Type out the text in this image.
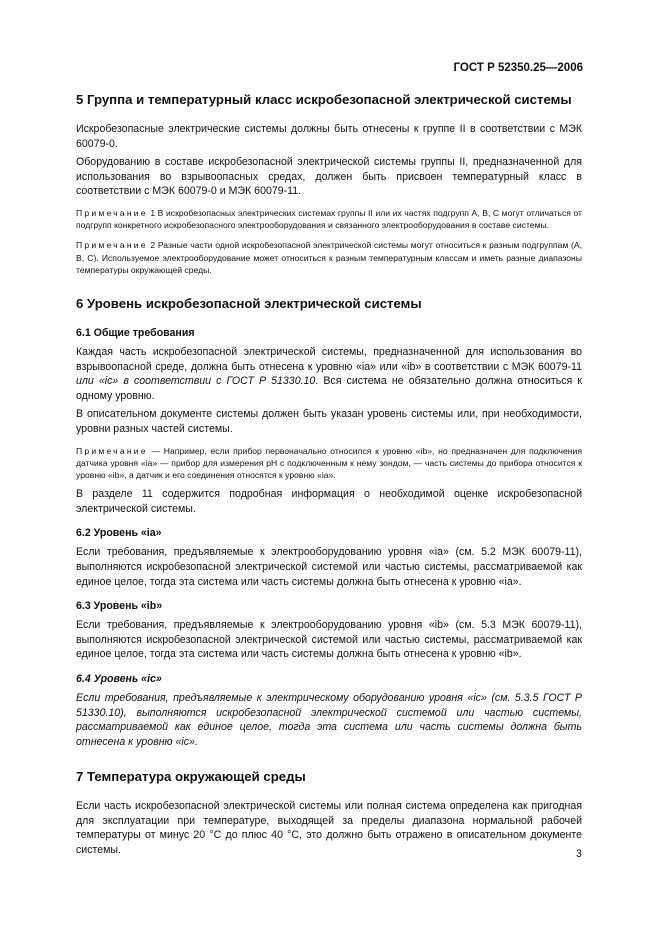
ГОСТ Р 52350.25—2006
5 Группа и температурный класс искробезопасной электрической системы

Искробезопасные электрические системы должны быть отнесены к группе II в соответствии с МЭК 60079-0.

Оборудованию в составе искробезопасной электрической системы группы II, предназначенной для использования во взрывоопасных средах, должен быть присвоен температурный класс в соответствии с МЭК 60079-0 и МЭК 60079-11.

Примечание 1 В искробезопасных электрических системах группы II или их частях подгрупп А, В, С могут отличаться от подгрупп конкретного искробезопасного электрооборудования и связанного электрооборудования в составе системы.
Примечание 2 Разные части одной искробезопасной электрической системы могут относиться к разным подгруппам (А, В, С). Используемое электрооборудование может относиться к разным температурным классам и иметь разные диапазоны температуры окружающей среды.
6 Уровень искробезопасной электрической системы
6.1 Общие требования

Каждая часть искробезопасной электрической системы, предназначенной для использования во взрывоопасной среде, должна быть отнесена к уровню «ia» или «ib» в соответствии с МЭК 60079-11 или «ic» в соответствии с ГОСТ Р 51330.10. Вся система не обязательно должна относиться к одному уровню.

В описательном документе системы должен быть указан уровень системы или, при необходимости, уровни разных частей системы.

Примечание — Например, если прибор первоначально относился к уровню «ib», но предназначен для подключения датчика уровня «ia» — прибор для измерения pH с подключенным к нему зондом, — часть системы до прибора относится к уровню «ib», а датчик и его соединения относятся к уровню «ia».

В разделе 11 содержится подробная информация о необходимой оценке искробезопасной электрической системы.

6.2 Уровень «ia»

Если требования, предъявляемые к электрооборудованию уровня «ia» (см. 5.2 МЭК 60079-11), выполняются искробезопасной электрической системой или частью системы, рассматриваемой как единое целое, тогда эта система или часть системы должна быть отнесена к уровню «ia».

6.3 Уровень «ib»

Если требования, предъявляемые к электрооборудованию уровня «ib» (см. 5.3 МЭК 60079-11), выполняются искробезопасной электрической системой или частью системы, рассматриваемой как единое целое, тогда эта система или часть системы должна быть отнесена к уровню «ib».

6.4 Уровень «ic»

Если требования, предъявляемые к электрическому оборудованию уровня «ic» (см. 5.3.5 ГОСТ Р 51330.10), выполняются искробезопасной электрической системой или частью системы, рассматриваемой как единое целое, тогда эта система или часть системы должна быть отнесена к уровню «ic».

7 Температура окружающей среды

Если часть искробезопасной электрической системы или полная система определена как пригодная для эксплуатации при температуре, выходящей за пределы диапазона нормальной рабочей температуры от минус 20 °С до плюс 40 °С, это должно быть отражено в описательном документе системы.	3
